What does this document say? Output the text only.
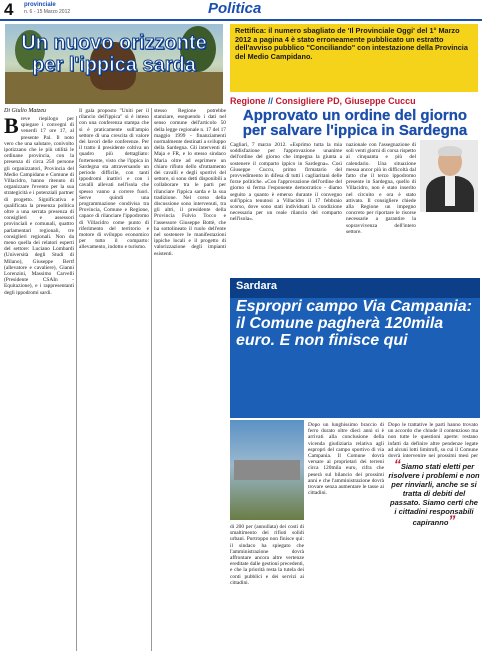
4 provinciale
n. 6 - 15 Marzo 2012	Politica
Un nuovo orizzonte per l'ippica sarda
Rettifica: il numero sbagliato de 'Il Provinciale Oggi' del 1° Marzo 2012 a pagina 4 è stato erroneamente pubblicato un estratto dell'avviso pubblico "Conciliando" con intestazione della Provincia del Medio Campidano.
Di Giulio Matzeu
B reve riepilogo per spiegare i convegni di venerdì 17 ore 17, al presente Pal. Il noto vero che una salutare, conivolto ipotizzano che le più utilità le ordinane provincia, con la presenza di circa 250 persone gli organizzatori, Provincia del Medio Campidano e Comune di Villacidro, hanno ritenuto di organizzare l'evento per la sua strategicità e i potenziali partner di progetto. Significativa e qualificata la presenza politica oltre a una serrata presenza di consiglieri e assessori provinciali e comunali, quattro parlamentari regionali, tre consiglieri regionali. Non da meno quella dei relatori esperti del settore: Luciano Lombardi (Università degli Studi di Milano), Giuseppe Bertf (allevatore e cavaliere), Gianni Lorenzini, Massimo Carvelli (Presidente CSAIn - Equitazione), e i rappresentanti degli ippodromi sardi.
Il gala proposto "Uniti per il rilancio dell'ippica" si è inteso con una conferenza stampa che si è praticamente sull'ampio settore di una crescita di valore dei lavori delle conferenze. Per il tratto il presidente coltiva un quadro più dettagliato: fortemente, visto che l'ippica in Sardegna sta attraversando un periodo difficile, con tanti ippodromi inattivi e con i cavalli allevati nell'isola che spesso vanno a correre fuori. Serve quindi una programmazione condivisa tra Provincia, Comune e Regione, capace di rilanciare l'ippodromo di Villacidro come punto di riferimento del territorio e motore di sviluppo economico per tutto il comparto: allevamento, indotto e turismo.
stesso Regione potrebbe stanziare, eseguendo i dati nel senso comune dell'articolo 50 della legge regionale n. 17 del 17 maggio 1999 - finanziamenti normalmente destinati a sviluppo della Sardegna. Gli interventi di Maja e FR, e lo stesso sindaco Maria oltre ad esprimere un chiaro rifiuto dello sfruttamento dei cavalli e degli sportivi del settore, si sono detti disponibili a collaborare tra le parti per rilanciare l'ippica sarda e la sua tradizione. Nel corso della discussione sono intervenuti, tra gli altri, il presidente della Provincia Fulvio Tocco e l'assessore Giuseppe Bottè, che ha sottolineato il ruolo dell'ente nel sostenere le manifestazioni ippiche locali e il progetto di valorizzazione degli impianti esistenti.
Regione // Consigliere PD, Giuseppe Cuccu
Approvato un ordine del giorno per salvare l'ippica in Sardegna
Cagliari, 7 marzo 2012. «Esprimo tutta la mia soddisfazione per l'approvazione unanime dell'ordine del giorno che impegna la giunta a sostenere il comparto ippico in Sardegna». Così Giuseppe Cuccu, primo firmatario del provvedimento in difesa di tutti i cagliaritani delle forze politiche. «Con l'approvazione dell'ordine del giorno si ferma l'esponente democratico - diamo seguito a quanto è emerso durante il convegno sull'ippica tenutosi a Villacidro il 17 febbraio scorso, dove sono stati individuati la condizione necessaria per un reale rilancio del comparto nell'isola».
nazionale con l'assegnazione di soli venti giorni di corsa rispetto ai cinquanta e più del calendario. Una situazione messa ancor più in difficoltà dal fatto che il terzo ippodromo presente in Sardegna, quello di Villacidro, non è stato inserito nel circuito e ora è stato attivato. Il consigliere chiede alla Regione un impegno concreto per riportare le risorse necessarie a garantire la sopravvivenza dell'intero settore.
Sardara
Espropri campo Via Campania: il Comune pagherà 120mila euro. E non finisce qui
Dopo un lunghissimo braccio di ferro durato oltre dieci anni si è arrivati alla conclusione della vicenda giudiziaria relativa agli espropri del campo sportivo di via Campania. Il Comune dovrà versare ai proprietari dei terreni circa 120mila euro, cifra che peserà sul bilancio dei prossimi anni e che l'amministrazione dovrà trovare senza aumentare le tasse ai cittadini.
Dopo le trattative le parti hanno trovato un accordo che chiude il contenzioso ma non tutte le questioni aperte: restano infatti da definire altre pendenze legate ad alcuni lotti limitrofi, su cui il Comune dovrà intervenire nei prossimi mesi per
“Siamo stati eletti per risolvere i problemi e non per rinviarli, anche se si tratta di debiti del passato. Siamo certi che i cittadini responsabili capiranno”
di 200 per (annullata) dei costi di smaltimento dei rifiuti solidi urbani. Purtroppo non finisce qui: il sindaco ha spiegato che l'amministrazione dovrà affrontare ancora altre vertenze ereditate dalle gestioni precedenti, e che la priorità resta la tutela dei conti pubblici e dei servizi ai cittadini.
